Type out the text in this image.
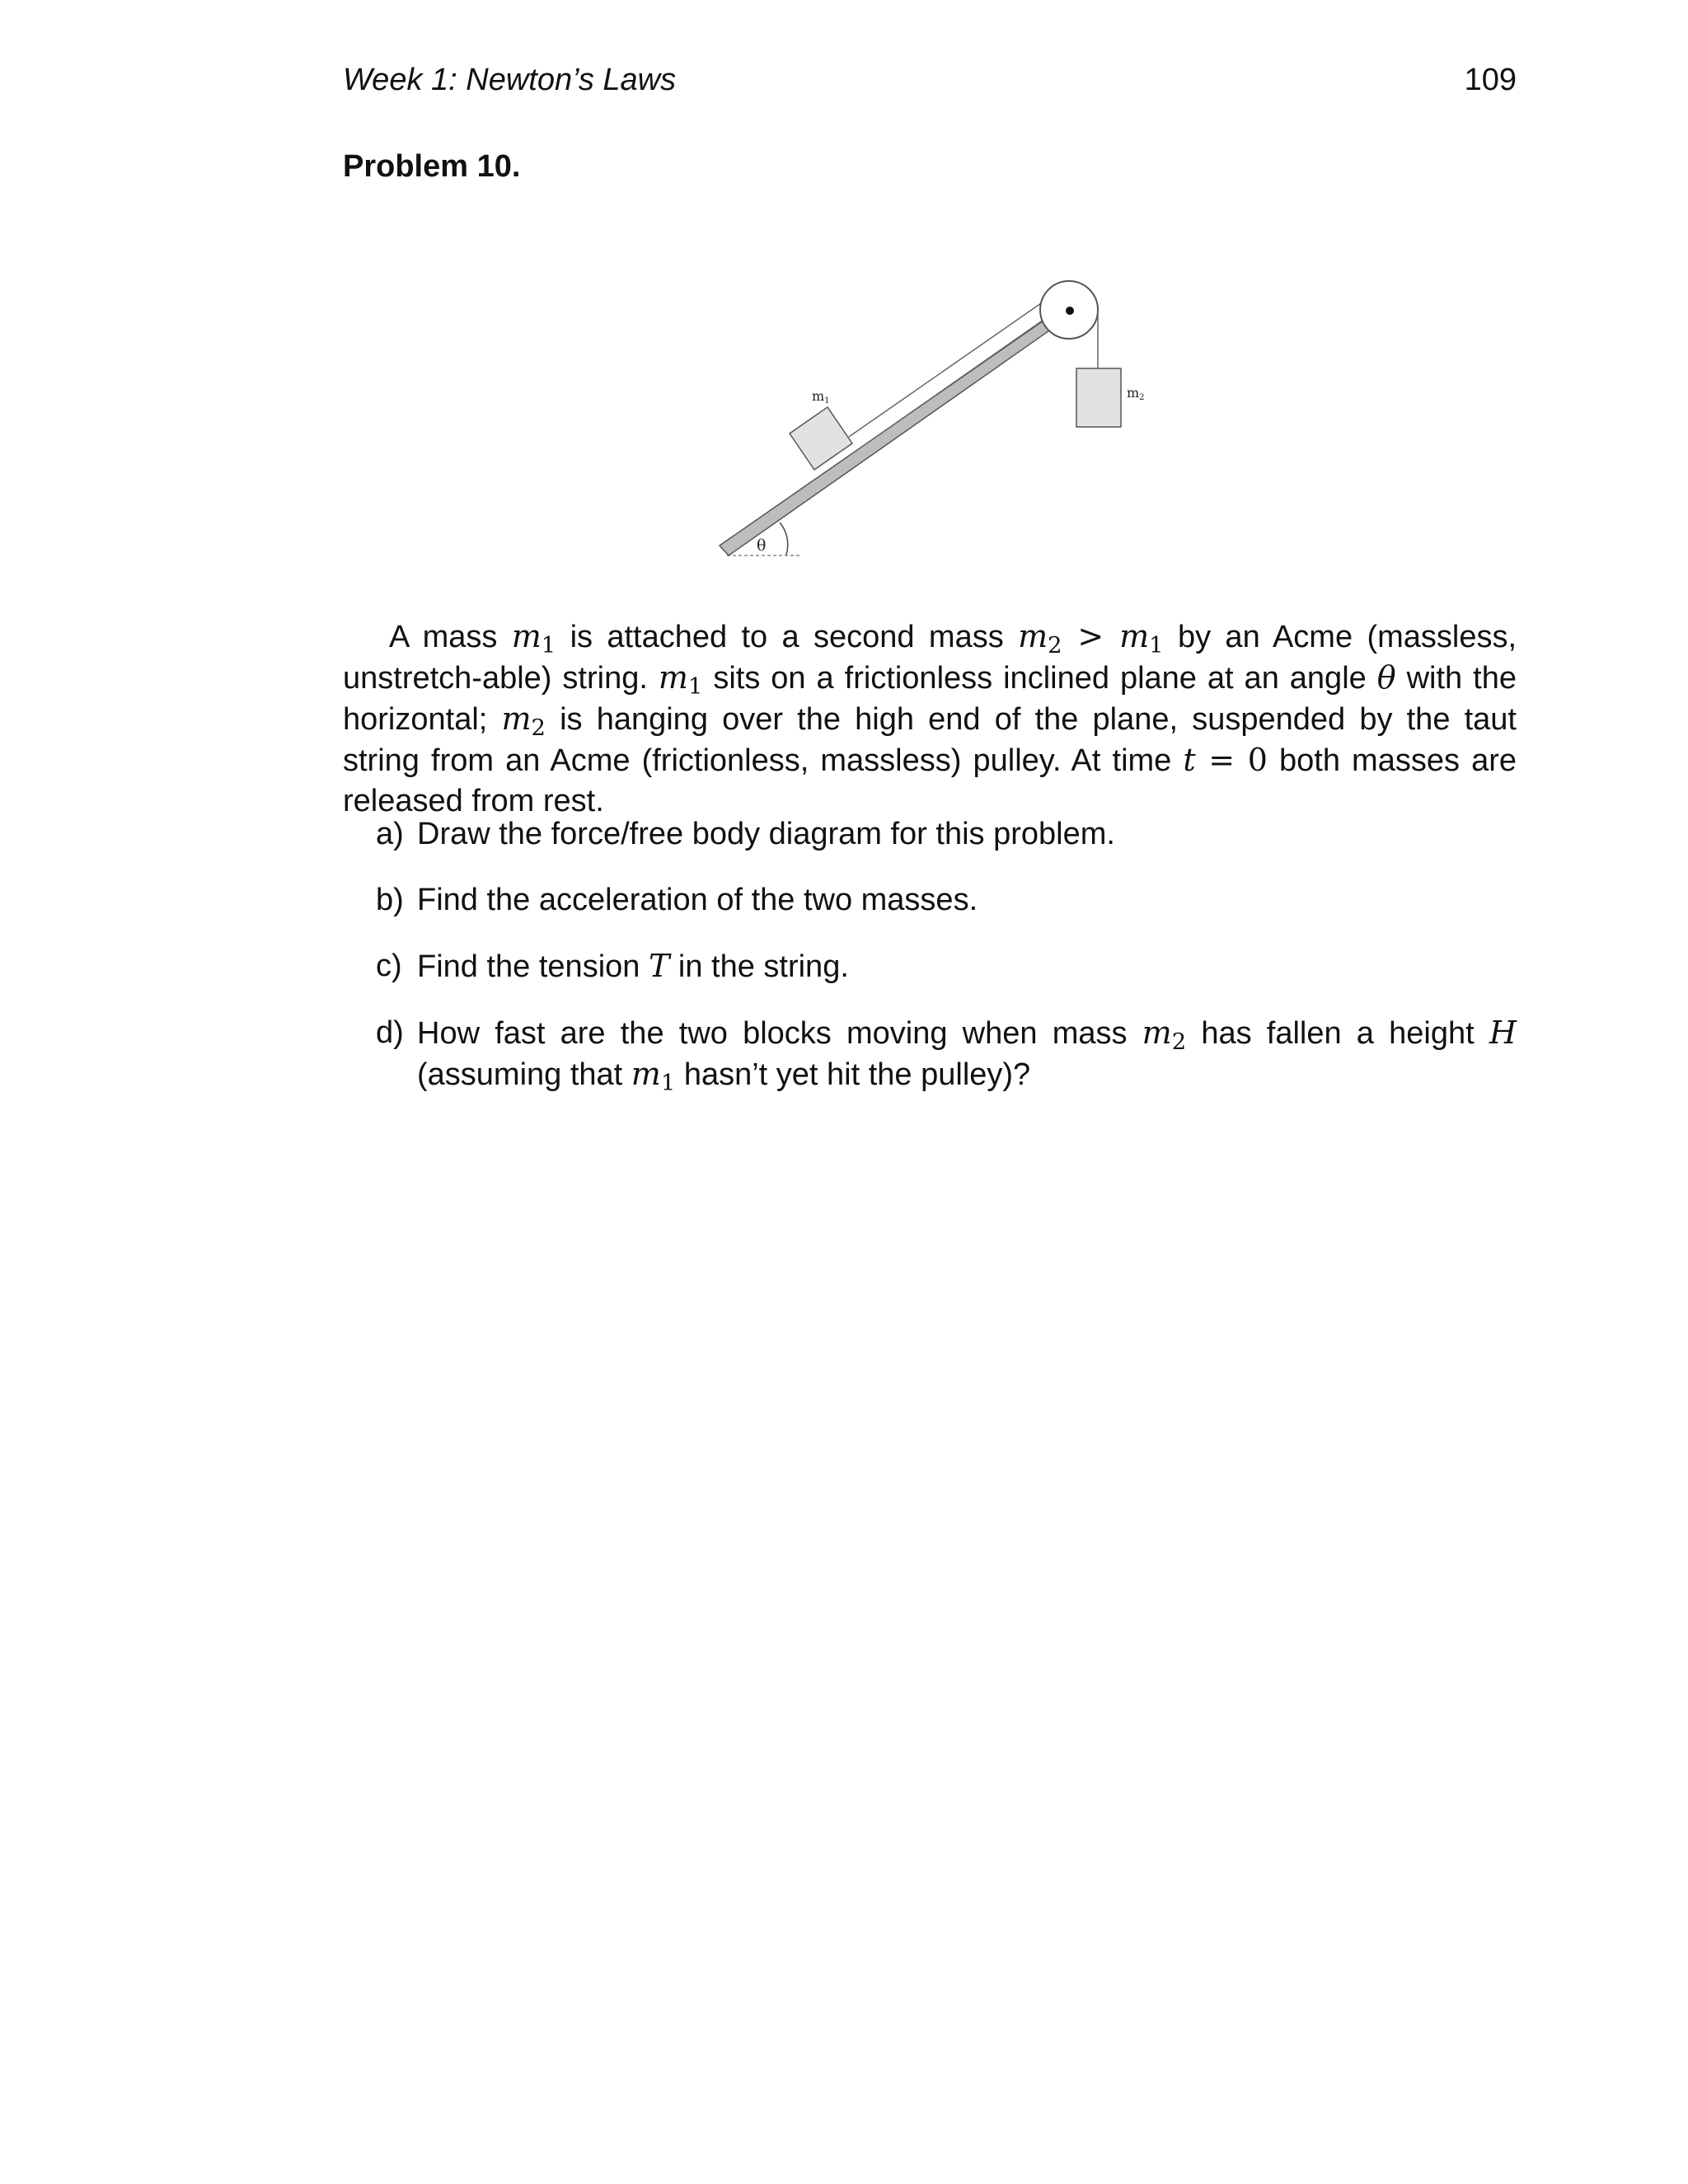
Week 1: Newton’s Laws	109
Problem 10.
θ
m2
m1

A mass $m_1$ is attached to a second mass $m_2 > m_1$ by an Acme (massless, unstretch-able) string. $m_1$ sits on a frictionless inclined plane at an angle θ with the horizontal; $m_2$ is hanging over the high end of the plane, suspended by the taut string from an Acme (frictionless, massless) pulley. At time t = 0 both masses are released from rest.

a) Draw the force/free body diagram for this problem.
b) Find the acceleration of the two masses.
c) Find the tension T in the string.
d) How fast are the two blocks moving when mass $m_2$ has fallen a height H (assuming that $m_1$ hasn’t yet hit the pulley)?
